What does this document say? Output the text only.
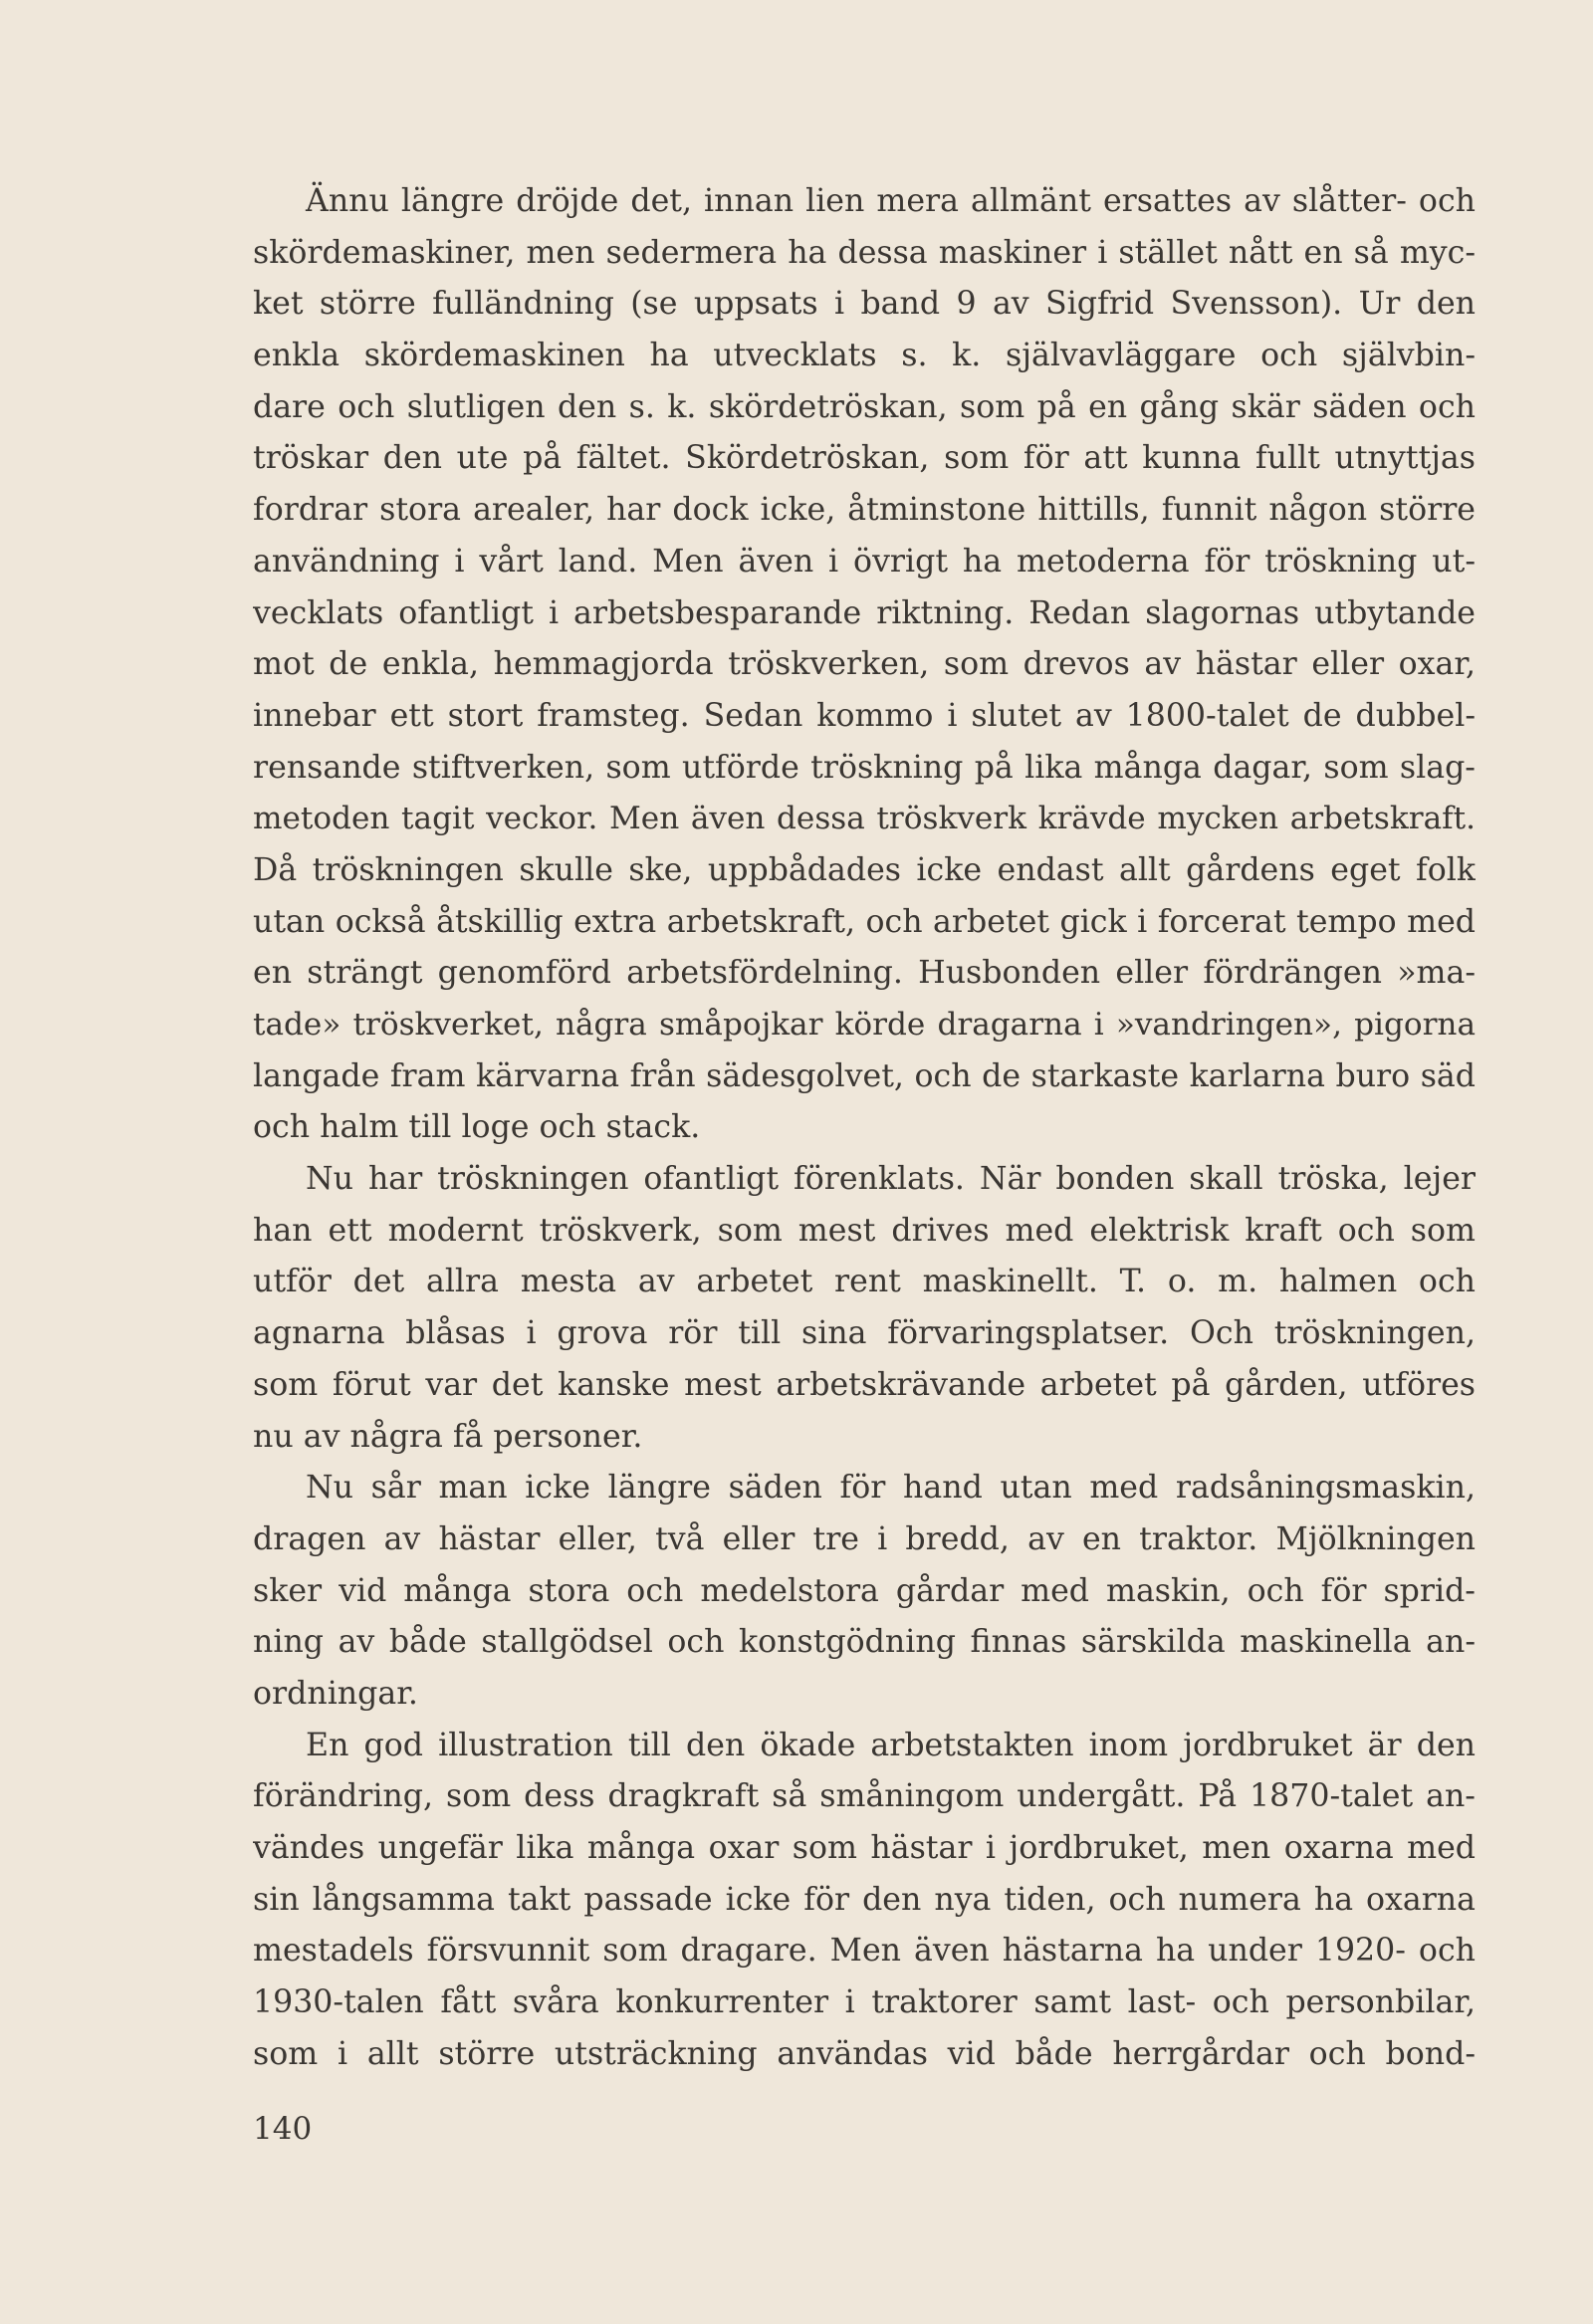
Ännu längre dröjde det, innan lien mera allmänt ersattes av slåtter- och
skördemaskiner, men sedermera ha dessa maskiner i stället nått en så myc-
ket större fulländning (se uppsats i band 9 av Sigfrid Svensson). Ur den
enkla skördemaskinen ha utvecklats s. k. självavläggare och självbin-
dare och slutligen den s. k. skördetröskan, som på en gång skär säden och
tröskar den ute på fältet. Skördetröskan, som för att kunna fullt utnyttjas
fordrar stora arealer, har dock icke, åtminstone hittills, funnit någon större
användning i vårt land. Men även i övrigt ha metoderna för tröskning ut-
vecklats ofantligt i arbetsbesparande riktning. Redan slagornas utbytande
mot de enkla, hemmagjorda tröskverken, som drevos av hästar eller oxar,
innebar ett stort framsteg. Sedan kommo i slutet av 1800-talet de dubbel-
rensande stiftverken, som utförde tröskning på lika många dagar, som slag-
metoden tagit veckor. Men även dessa tröskverk krävde mycken arbetskraft.
Då tröskningen skulle ske, uppbådades icke endast allt gårdens eget folk
utan också åtskillig extra arbetskraft, och arbetet gick i forcerat tempo med
en strängt genomförd arbetsfördelning. Husbonden eller fördrängen »ma-
tade» tröskverket, några småpojkar körde dragarna i »vandringen», pigorna
langade fram kärvarna från sädesgolvet, och de starkaste karlarna buro säd
och halm till loge och stack.
Nu har tröskningen ofantligt förenklats. När bonden skall tröska, lejer
han ett modernt tröskverk, som mest drives med elektrisk kraft och som
utför det allra mesta av arbetet rent maskinellt. T. o. m. halmen och
agnarna blåsas i grova rör till sina förvaringsplatser. Och tröskningen,
som förut var det kanske mest arbetskrävande arbetet på gården, utföres
nu av några få personer.
Nu sår man icke längre säden för hand utan med radsåningsmaskin,
dragen av hästar eller, två eller tre i bredd, av en traktor. Mjölkningen
sker vid många stora och medelstora gårdar med maskin, och för sprid-
ning av både stallgödsel och konstgödning finnas särskilda maskinella an-
ordningar.
En god illustration till den ökade arbetstakten inom jordbruket är den
förändring, som dess dragkraft så småningom undergått. På 1870-talet an-
vändes ungefär lika många oxar som hästar i jordbruket, men oxarna med
sin långsamma takt passade icke för den nya tiden, och numera ha oxarna
mestadels försvunnit som dragare. Men även hästarna ha under 1920- och
1930-talen fått svåra konkurrenter i traktorer samt last- och personbilar,
som i allt större utsträckning användas vid både herrgårdar och bond-
140
